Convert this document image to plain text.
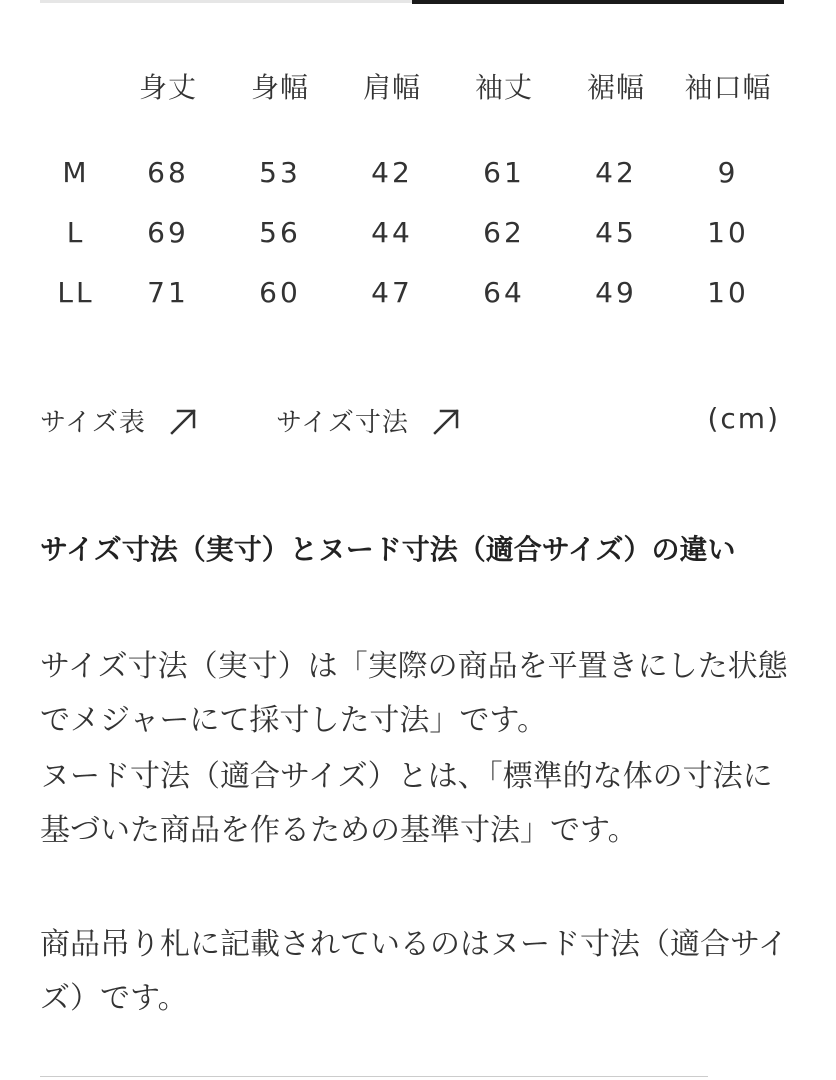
	身丈	身幅	肩幅	袖丈	裾幅	袖口幅

M	68	53	42	61	42	9
L	69	56	44	62	45	10
LL	71	60	47	64	49	10
サイズ表	サイズ寸法	(cm)
サイズ寸法（実寸）とヌード寸法（適合サイズ）の違い

サイズ寸法（実寸）は「実際の商品を平置きにした状態でメジャーにて採寸した寸法」です。

ヌード寸法（適合サイズ）とは、「標準的な体の寸法に基づいた商品を作るための基準寸法」です。

商品吊り札に記載されているのはヌード寸法（適合サイズ）です。
